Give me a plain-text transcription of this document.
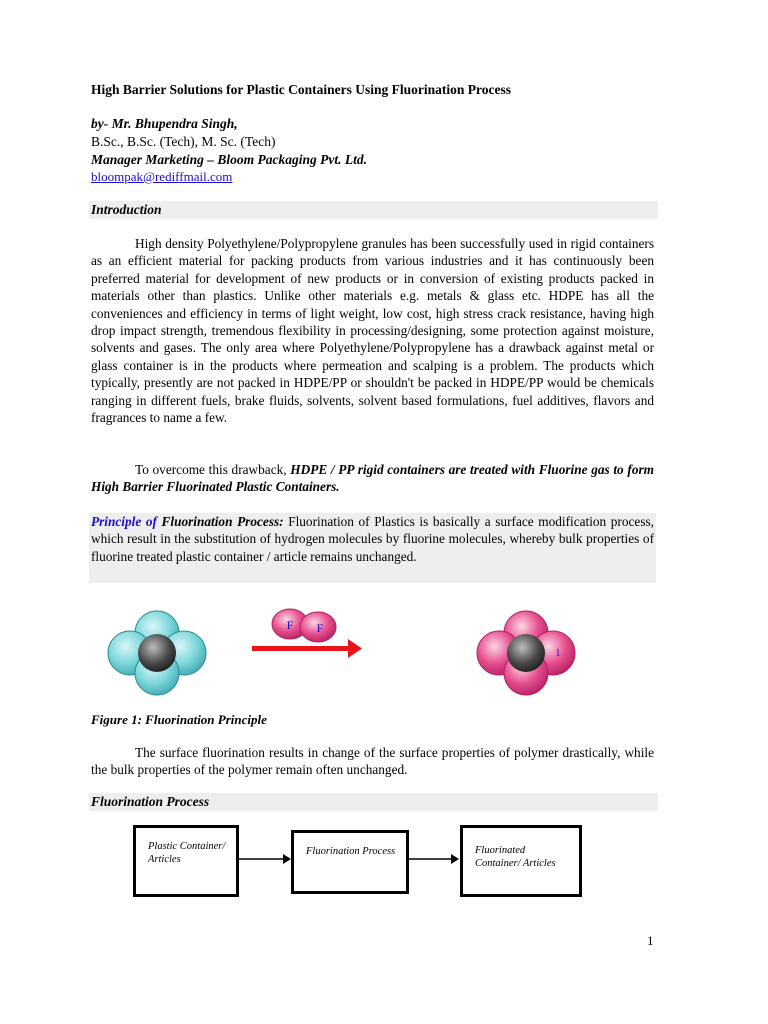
High Barrier Solutions for Plastic Containers Using Fluorination Process
by- Mr. Bhupendra Singh,
B.Sc., B.Sc. (Tech), M. Sc. (Tech)
Manager Marketing – Bloom Packaging Pvt. Ltd.
bloompak@rediffmail.com
Introduction
High density Polyethylene/Polypropylene granules has been successfully used in rigid containers as an efficient material for packing products from various industries and it has continuously been preferred material for development of new products or in conversion of existing products packed in materials other than plastics. Unlike other materials e.g. metals & glass etc. HDPE has all the conveniences and efficiency in terms of light weight, low cost, high stress crack resistance, having high drop impact strength, tremendous flexibility in processing/designing, some protection against moisture, solvents and gases. The only area where Polyethylene/Polypropylene has a drawback against metal or glass container is in the products where permeation and scalping is a problem. The products which typically, presently are not packed in HDPE/PP or shouldn't be packed in HDPE/PP would be chemicals ranging in different fuels, brake fluids, solvents, solvent based formulations, fuel additives, flavors and fragrances to name a few.
To overcome this drawback, HDPE / PP rigid containers are treated with Fluorine gas to form High Barrier Fluorinated Plastic Containers.
Principle of Fluorination Process: Fluorination of Plastics is basically a surface modification process, which result in the substitution of hydrogen molecules by fluorine molecules, whereby bulk properties of fluorine treated plastic container / article remains unchanged.
F F
l
Figure 1: Fluorination Principle
The surface fluorination results in change of the surface properties of polymer drastically, while the bulk properties of the polymer remain often unchanged.
Fluorination Process
Plastic Container/ Articles
Fluorination Process	Fluorinated Container/ Articles
1
